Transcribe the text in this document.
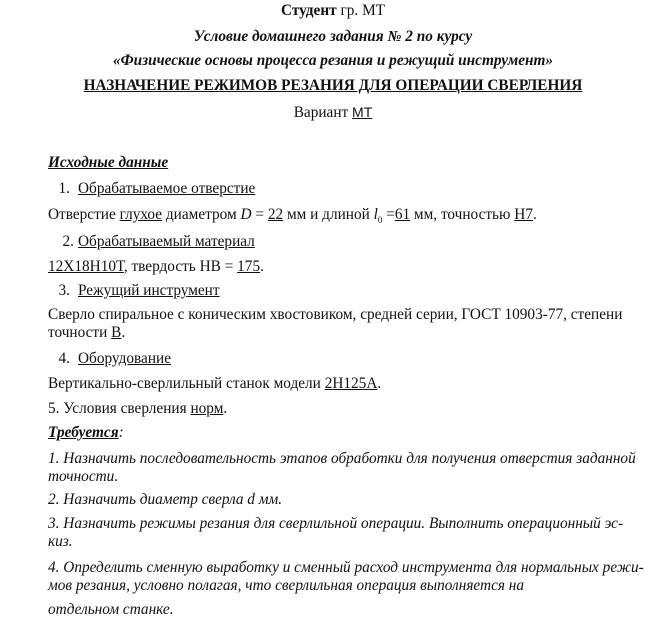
Студент гр. МТ
Условие домашнего задания № 2 по курсу
«Физические основы процесса резания и режущий инструмент»
НАЗНАЧЕНИЕ РЕЖИМОВ РЕЗАНИЯ ДЛЯ ОПЕРАЦИИ СВЕРЛЕНИЯ
Вариант МТ
Исходные данные
1. Обрабатываемое отверстие
Отверстие глухое диаметром D = 22 мм и длиной $l_0 =61$ мм, точностью H7.
2. Обрабатываемый материал
12Х18Н10Т, твердость НВ = 175.
3. Режущий инструмент
Сверло спиральное с коническим хвостовиком, средней серии, ГОСТ 10903-77, степени
точности В.
4. Оборудование
Вертикально-сверлильный станок модели 2Н125А.
5. Условия сверления норм.
Требуется:
1. Назначить последовательность этапов обработки для получения отверстия заданной
точности.
2. Назначить диаметр сверла d мм.
3. Назначить режимы резания для сверлильной операции. Выполнить операционный эс-
киз.
4. Определить сменную выработку и сменный расход инструмента для нормальных режи-
мов резания, условно полагая, что сверлильная операция выполняется на
отдельном станке.
